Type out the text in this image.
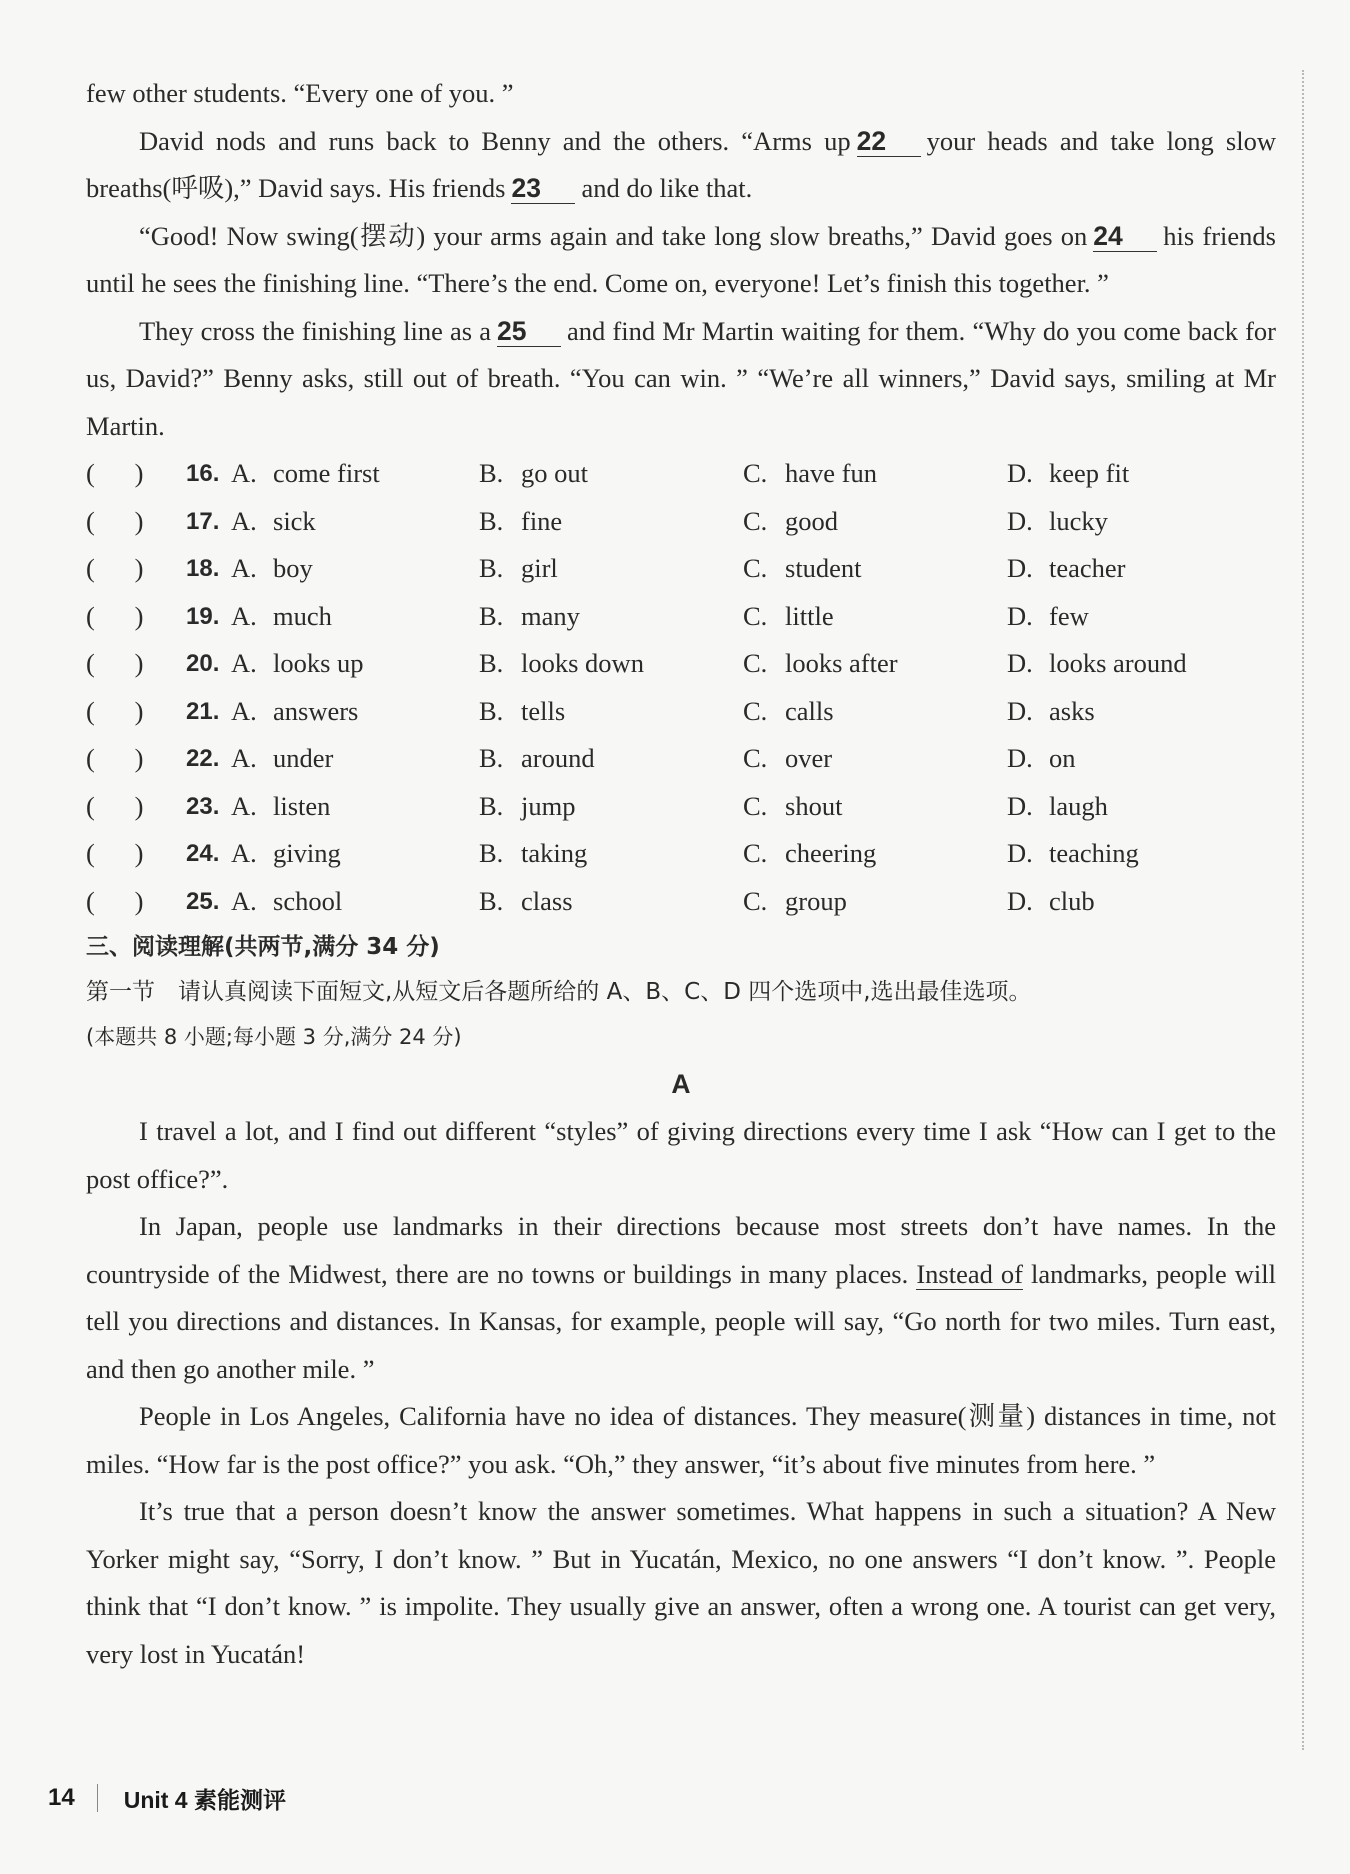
few other students. “Every one of you. ”

David nods and runs back to Benny and the others. “Arms up 22 your heads and take long slow breaths(呼吸),” David says. His friends 23 and do like that.

“Good! Now swing(摆动) your arms again and take long slow breaths,” David goes on 24 his friends until he sees the finishing line. “There’s the end. Come on, everyone! Let’s finish this together. ”

They cross the finishing line as a 25 and find Mr Martin waiting for them. “Why do you come back for us, David?” Benny asks, still out of breath. “You can win. ” “We’re all winners,” David says, smiling at Mr Martin.

(      )	16. A. come first	B. go out	C. have fun	D. keep fit
(      )	17. A. sick	B. fine	C. good	D. lucky
(      )	18. A. boy	B. girl	C. student	D. teacher
(      )	19. A. much	B. many	C. little	D. few
(      )	20. A. looks up	B. looks down	C. looks after	D. looks around
(      )	21. A. answers	B. tells	C. calls	D. asks
(      )	22. A. under	B. around	C. over	D. on
(      )	23. A. listen	B. jump	C. shout	D. laugh
(      )	24. A. giving	B. taking	C. cheering	D. teaching
(      )	25. A. school	B. class	C. group	D. club
三、阅读理解(共两节,满分 34 分)
第一节　请认真阅读下面短文,从短文后各题所给的 A、B、C、D 四个选项中,选出最佳选项。
(本题共 8 小题;每小题 3 分,满分 24 分)
A

I travel a lot, and I find out different “styles” of giving directions every time I ask “How can I get to the post office?”.

In Japan, people use landmarks in their directions because most streets don’t have names. In the countryside of the Midwest, there are no towns or buildings in many places. Instead of landmarks, people will tell you directions and distances. In Kansas, for example, people will say, “Go north for two miles. Turn east, and then go another mile. ”

People in Los Angeles, California have no idea of distances. They measure(测量) distances in time, not miles. “How far is the post office?” you ask. “Oh,” they answer, “it’s about five minutes from here. ”

It’s true that a person doesn’t know the answer sometimes. What happens in such a situation? A New Yorker might say, “Sorry, I don’t know. ” But in Yucatán, Mexico, no one answers “I don’t know. ”. People think that “I don’t know. ” is impolite. They usually give an answer, often a wrong one. A tourist can get very, very lost in Yucatán!

14 Unit 4 素能测评
